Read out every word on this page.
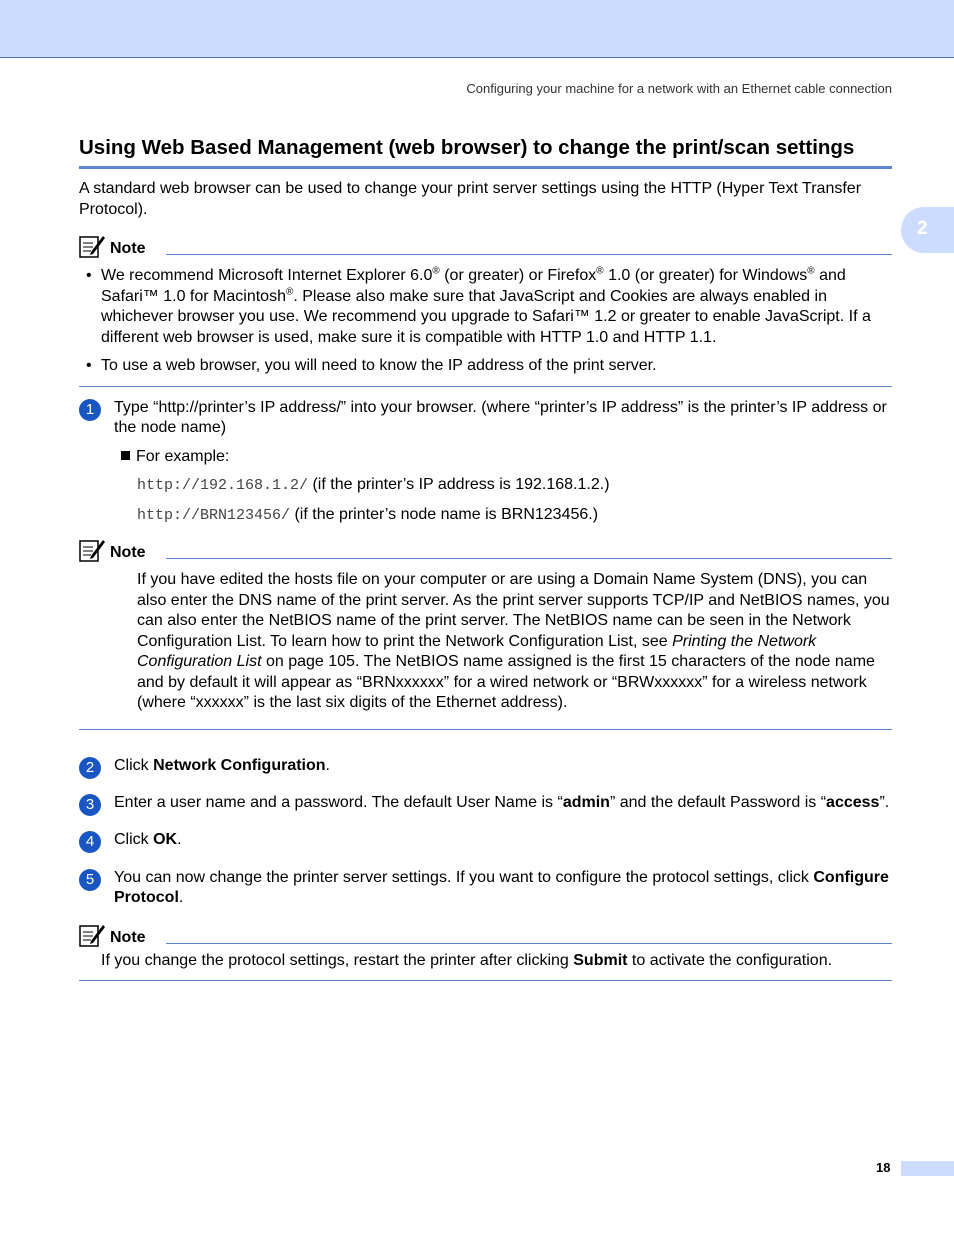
Configuring your machine for a network with an Ethernet cable connection
2
Using Web Based Management (web browser) to change the print/scan settings

A standard web browser can be used to change your print server settings using the HTTP (Hyper Text Transfer Protocol).

Note
• We recommend Microsoft Internet Explorer 6.0® (or greater) or Firefox® 1.0 (or greater) for Windows® and Safari™ 1.0 for Macintosh®. Please also make sure that JavaScript and Cookies are always enabled in whichever browser you use. We recommend you upgrade to Safari™ 1.2 or greater to enable JavaScript. If a different web browser is used, make sure it is compatible with HTTP 1.0 and HTTP 1.1.
• To use a web browser, you will need to know the IP address of the print server.
1	Type “http://printer’s IP address/” into your browser. (where “printer’s IP address” is the printer’s IP address or the node name)
For example:
http://192.168.1.2/ (if the printer’s IP address is 192.168.1.2.)
http://BRN123456/ (if the printer’s node name is BRN123456.)
Note

If you have edited the hosts file on your computer or are using a Domain Name System (DNS), you can also enter the DNS name of the print server. As the print server supports TCP/IP and NetBIOS names, you can also enter the NetBIOS name of the print server. The NetBIOS name can be seen in the Network Configuration List. To learn how to print the Network Configuration List, see Printing the Network Configuration List on page 105. The NetBIOS name assigned is the first 15 characters of the node name and by default it will appear as “BRNxxxxxx” for a wired network or “BRWxxxxxx” for a wireless network (where “xxxxxx” is the last six digits of the Ethernet address).

2	Click Network Configuration.
3	Enter a user name and a password. The default User Name is “admin” and the default Password is “access”.
4	Click OK.
5	You can now change the printer server settings. If you want to configure the protocol settings, click Configure Protocol.
Note

If you change the protocol settings, restart the printer after clicking Submit to activate the configuration.

18
